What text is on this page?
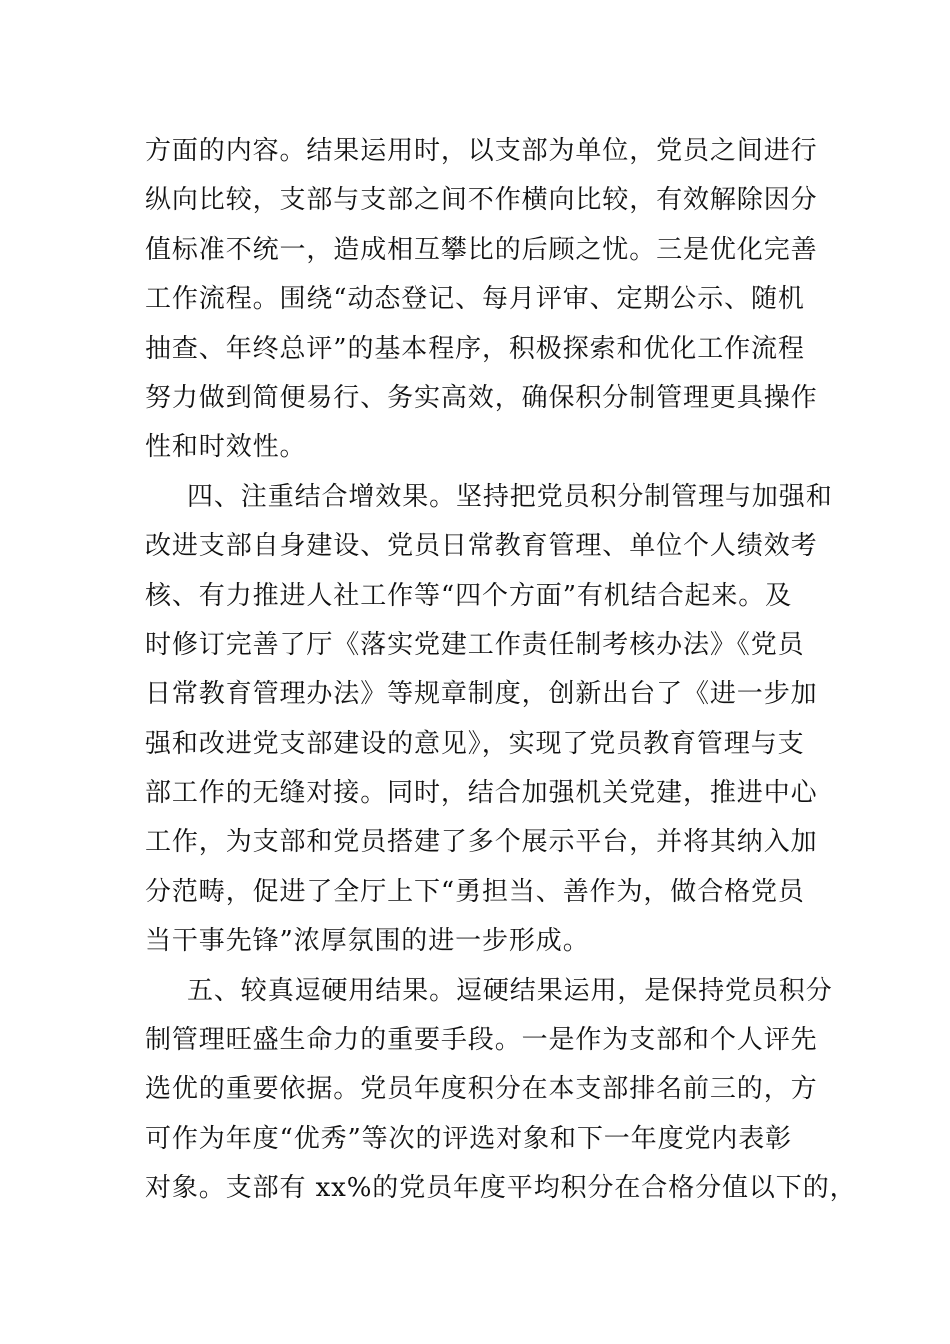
方面的内容。结果运用时，以支部为单位，党员之间进行
纵向比较，支部与支部之间不作横向比较，有效解除因分
值标准不统一，造成相互攀比的后顾之忧。三是优化完善
工作流程。围绕“动态登记、每月评审、定期公示、随机
抽查、年终总评”的基本程序，积极探索和优化工作流程
努力做到简便易行、务实高效，确保积分制管理更具操作
性和时效性。
四、注重结合增效果。坚持把党员积分制管理与加强和
改进支部自身建设、党员日常教育管理、单位个人绩效考
核、有力推进人社工作等“四个方面”有机结合起来。及
时修订完善了厅《落实党建工作责任制考核办法》《党员
日常教育管理办法》等规章制度，创新出台了《进一步加
强和改进党支部建设的意见》，实现了党员教育管理与支
部工作的无缝对接。同时，结合加强机关党建，推进中心
工作，为支部和党员搭建了多个展示平台，并将其纳入加
分范畴，促进了全厅上下“勇担当、善作为，做合格党员
当干事先锋”浓厚氛围的进一步形成。
五、较真逗硬用结果。逗硬结果运用，是保持党员积分
制管理旺盛生命力的重要手段。一是作为支部和个人评先
选优的重要依据。党员年度积分在本支部排名前三的，方
可作为年度“优秀”等次的评选对象和下一年度党内表彰
对象。支部有 xx%的党员年度平均积分在合格分值以下的，
